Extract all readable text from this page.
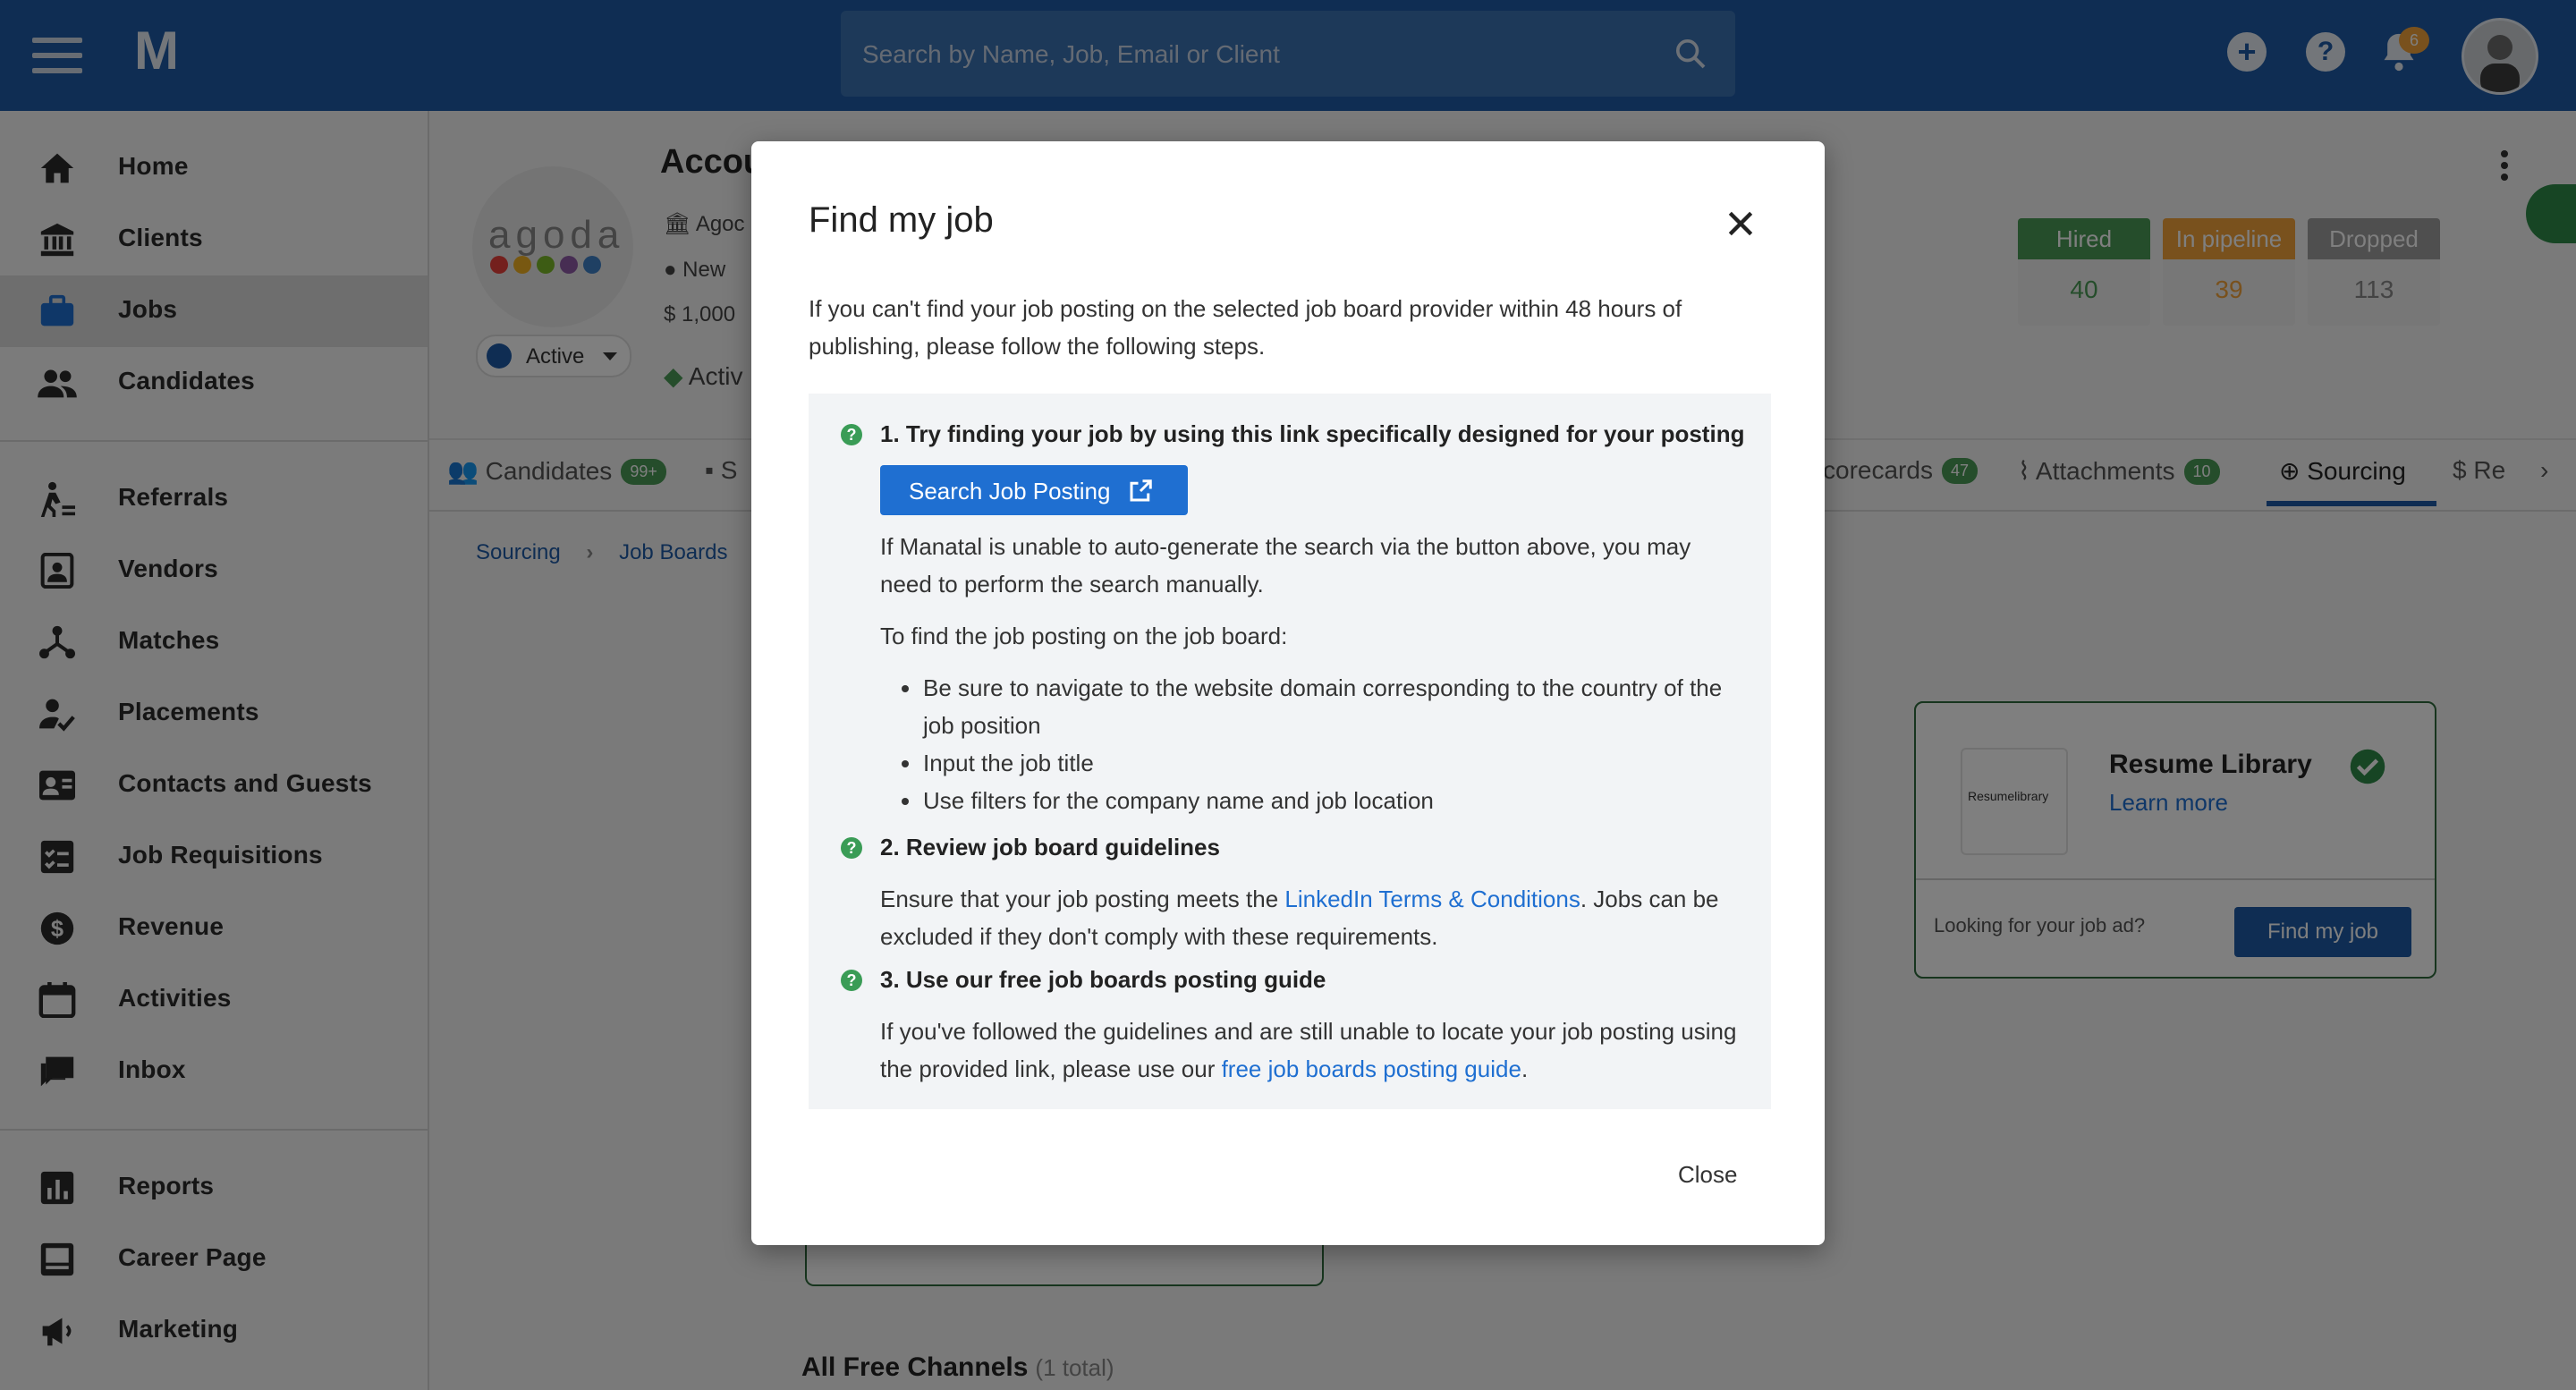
Search by Name, Job, Email or Client
Find my job
If you can't find your job posting on the selected job board provider within 48 hours of publishing, please follow the following steps.
? 1. Try finding your job by using this link specifically designed for your posting
Search Job Posting
If Manatal is unable to auto-generate the search via the button above, you may need to perform the search manually.
To find the job posting on the job board:
Be sure to navigate to the website domain corresponding to the country of the job position
Input the job title
Use filters for the company name and job location
? 2. Review job board guidelines
Ensure that your job posting meets the LinkedIn Terms & Conditions. Jobs can be excluded if they don't comply with these requirements.
? 3. Use our free job boards posting guide
If you've followed the guidelines and are still unable to locate your job posting using the provided link, please use our free job boards posting guide.
Close
